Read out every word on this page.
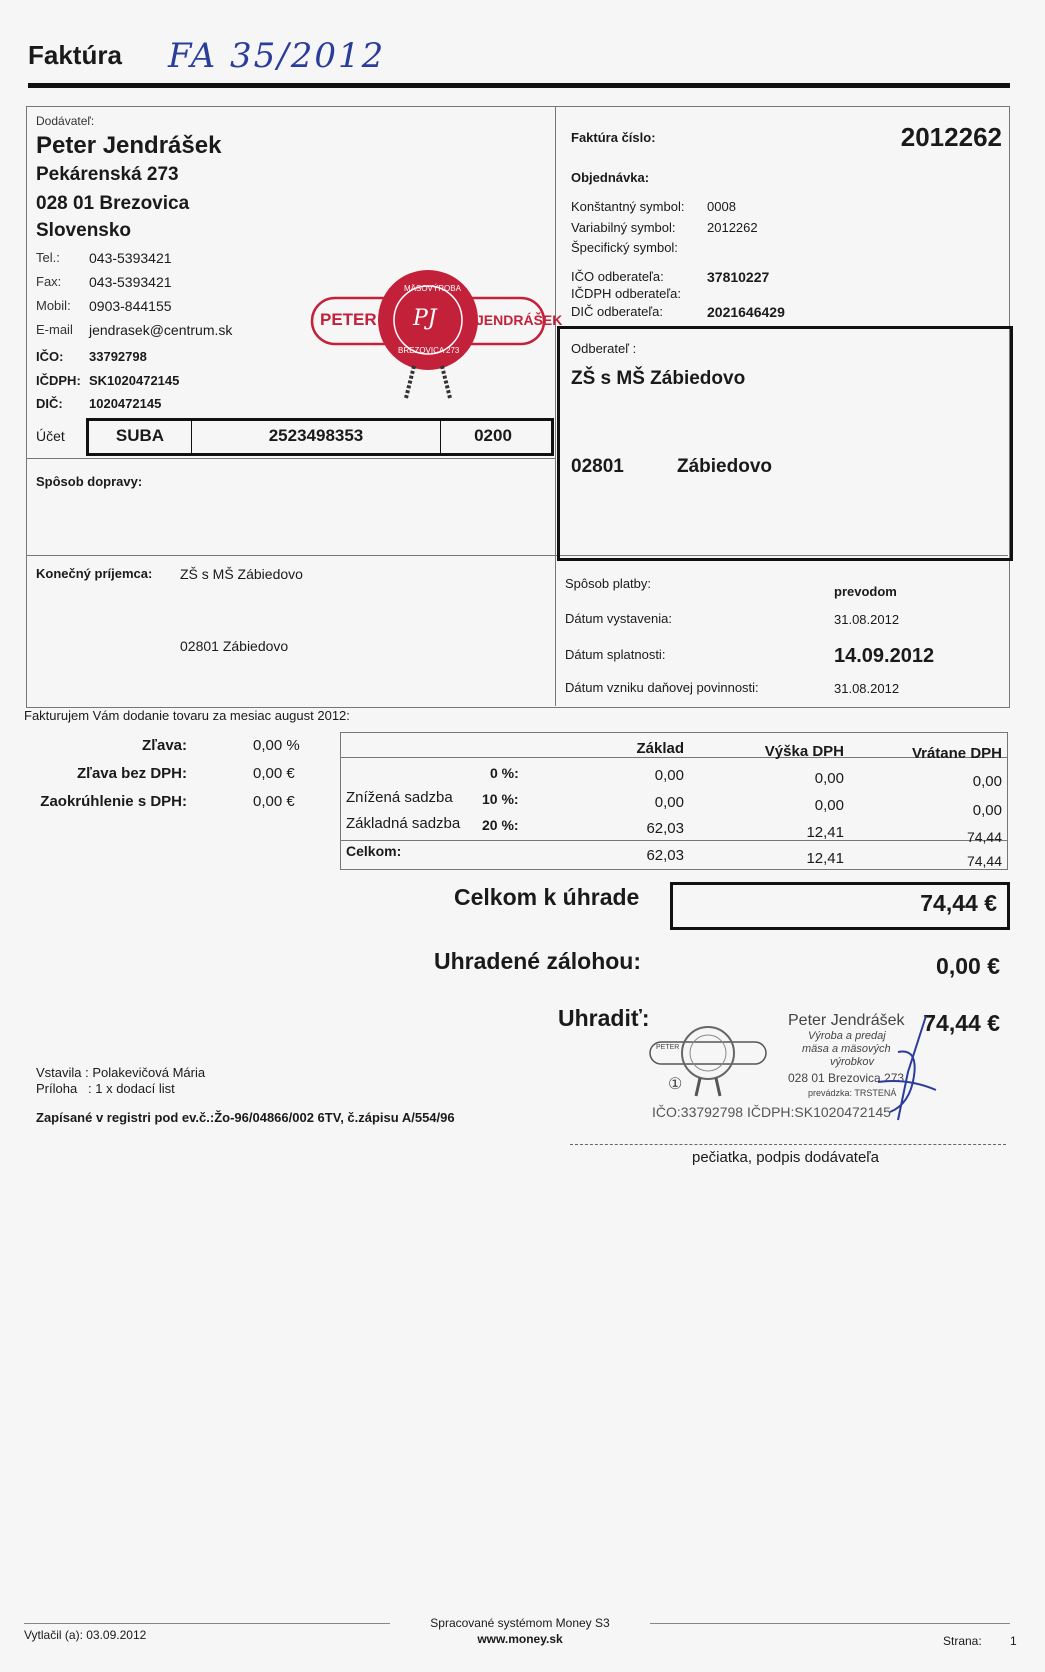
Faktúra FA 35/2012
Dodávateľ:
Peter Jendrášek
Pekárenská 273
028 01 Brezovica
Slovensko
Tel.: 043-5393421
Fax: 043-5393421
Mobil: 0903-844155
E-mail jendrasek@centrum.sk
IČO: 33792798
IČDPH: SK1020472145
DIČ: 1020472145
Účet	SUBA	2523498353	0200
Spôsob dopravy:
PETER	JENDRÁŠEK
PJ
MÄSOVÝROBA
BREZOVICA 273
Faktúra číslo:	2012262
Objednávka:
Konštantný symbol: 0008
Variabilný symbol: 2012262
Špecifický symbol:
IČO odberateľa:	37810227
IČDPH odberateľa:
DIČ odberateľa:	2021646429
Odberateľ :
ZŠ s MŠ Zábiedovo
02801	Zábiedovo
Konečný príjemca: ZŠ s MŠ Zábiedovo
02801 Zábiedovo
Spôsob platby:
prevodom
Dátum vystavenia:	31.08.2012
Dátum splatnosti:	14.09.2012
Dátum vzniku daňovej povinnosti:	31.08.2012
Fakturujem Vám dodanie tovaru za mesiac august 2012:
Zľava:	0,00 %
Zľava bez DPH:	0,00 €
Zaokrúhlenie s DPH:	0,00 €
Základ	Výška DPH	Vrátane DPH
0 %:	0,00	0,00	0,00
Znížená sadzba 10 %:	0,00	0,00	0,00
Základná sadzba	20 %:	62,03	12,41	74,44
Celkom:	62,03	12,41	74,44
Celkom k úhrade	74,44 €
Uhradené zálohou:	0,00 €
Uhradiť:	74,44 €
PETER
①
Peter Jendrášek
Výroba a predaj
mäsa a mäsových
výrobkov
028 01 Brezovica 273
prevádzka: TRSTENÁ
IČO:33792798 IČDPH:SK1020472145
pečiatka, podpis dodávateľa
Vstavila : Polakevičová Mária
Príloha   : 1 x dodací list
Zapísané v registri pod ev.č.:Žo-96/04866/002 6TV, č.zápisu A/554/96
Vytlačil (a): 03.09.2012
Spracované systémom Money S3
www.money.sk	Strana: 1
